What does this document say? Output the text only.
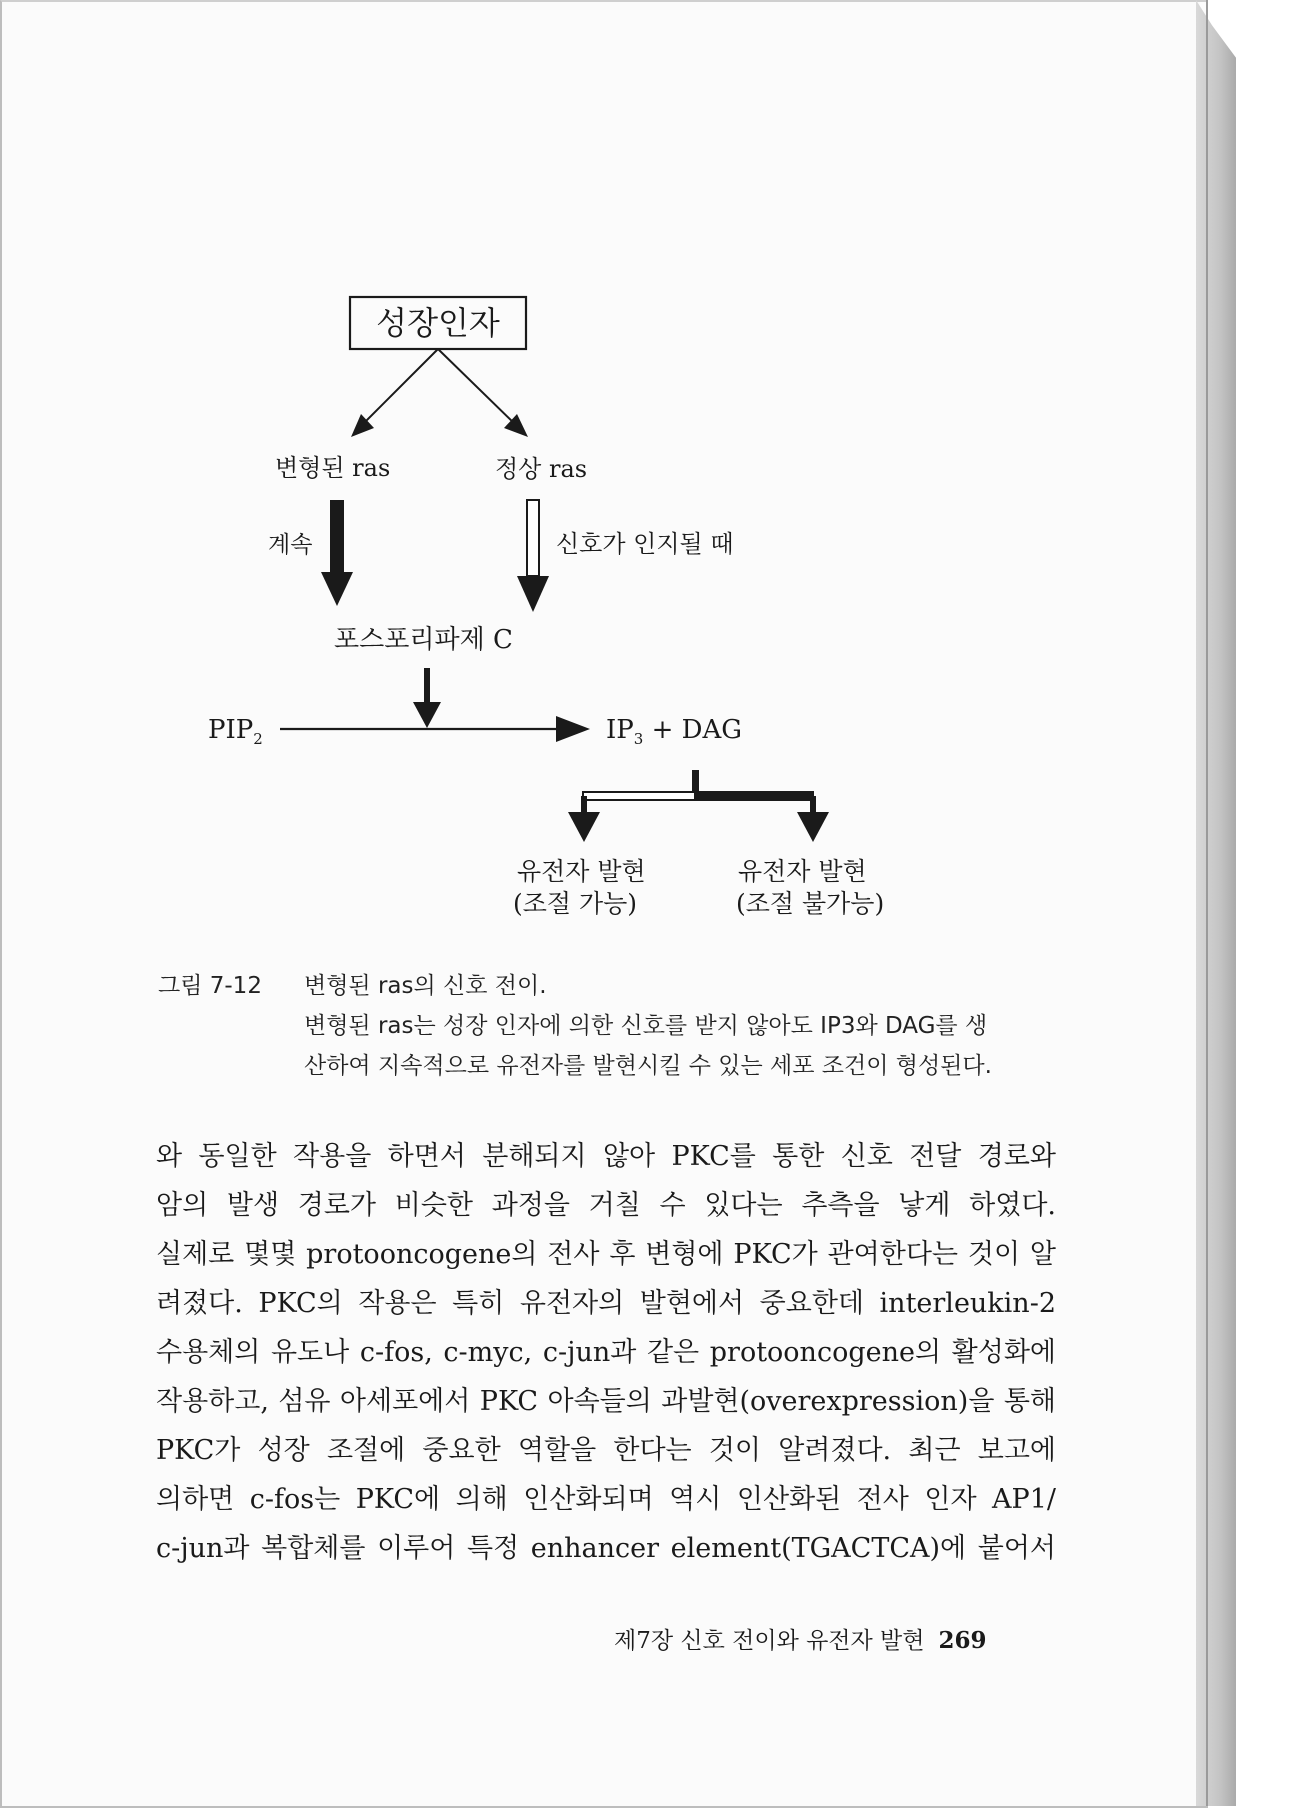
성장인자
변형된 ras	정상 ras
계속	신호가 인지될 때
포스포리파제 C
$PIP_2$	$IP_3$ + DAG
유전자 발현
(조절 가능)
유전자 발현
(조절 불가능)
그림 7-12 변형된 ras의 신호 전이.
변형된 ras는 성장 인자에 의한 신호를 받지 않아도 IP3와 DAG를 생
산하여 지속적으로 유전자를 발현시킬 수 있는 세포 조건이 형성된다.
와 동일한 작용을 하면서 분해되지 않아 PKC를 통한 신호 전달 경로와
암의 발생 경로가 비슷한 과정을 거칠 수 있다는 추측을 낳게 하였다.
실제로 몇몇 protooncogene의 전사 후 변형에 PKC가 관여한다는 것이 알
려졌다. PKC의 작용은 특히 유전자의 발현에서 중요한데 interleukin-2
수용체의 유도나 c-fos, c-myc, c-jun과 같은 protooncogene의 활성화에
작용하고, 섬유 아세포에서 PKC 아속들의 과발현(overexpression)을 통해
PKC가 성장 조절에 중요한 역할을 한다는 것이 알려졌다. 최근 보고에
의하면 c-fos는 PKC에 의해 인산화되며 역시 인산화된 전사 인자 AP1/
c-jun과 복합체를 이루어 특정 enhancer element(TGACTCA)에 붙어서
제7장 신호 전이와 유전자 발현 269
